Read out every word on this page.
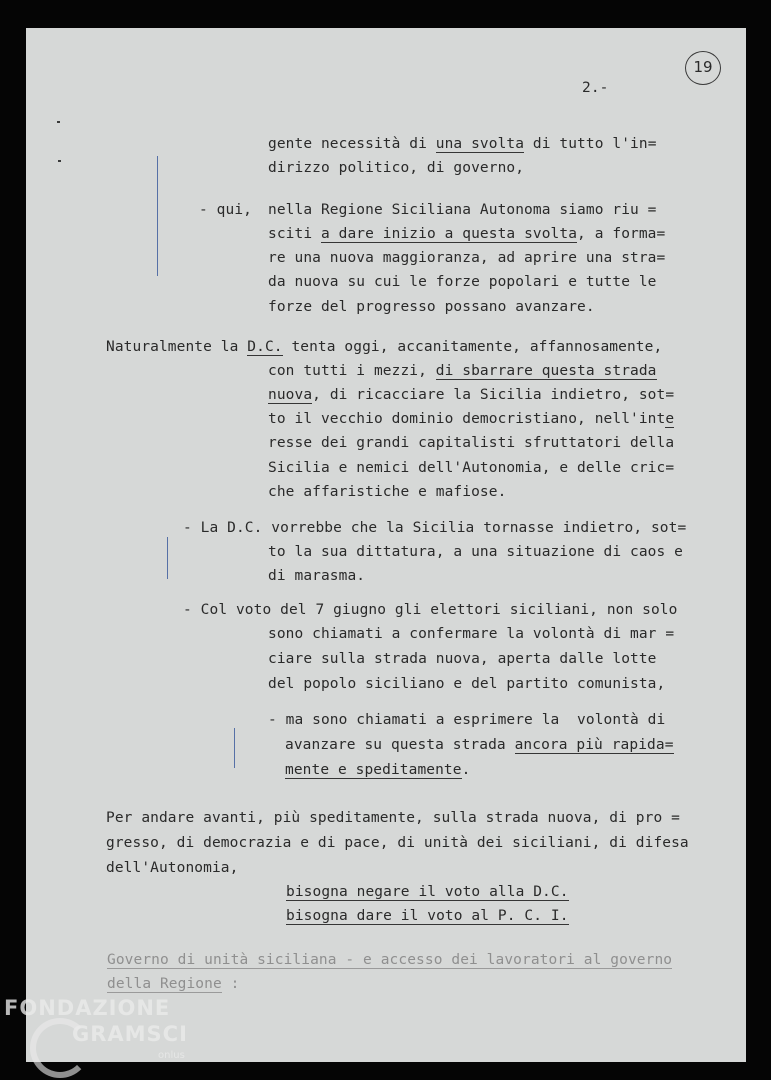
2.-
19
gente necessità di una svolta di tutto l'in=
dirizzo politico, di governo,
- qui, nella Regione Siciliana Autonoma siamo riu =
sciti a dare inizio a questa svolta, a forma=
re una nuova maggioranza, ad aprire una stra=
da nuova su cui le forze popolari e tutte le
forze del progresso possano avanzare.
Naturalmente la D.C. tenta oggi, accanitamente, affannosamente,
con tutti i mezzi, di sbarrare questa strada
nuova, di ricacciare la Sicilia indietro, sot=
to il vecchio dominio democristiano, nell'inte
resse dei grandi capitalisti sfruttatori della
Sicilia e nemici dell'Autonomia, e delle cric=
che affaristiche e mafiose.
- La D.C. vorrebbe che la Sicilia tornasse indietro, sot=
to la sua dittatura, a una situazione di caos e
di marasma.
- Col voto del 7 giugno gli elettori siciliani, non solo
sono chiamati a confermare la volontà di mar =
ciare sulla strada nuova, aperta dalle lotte
del popolo siciliano e del partito comunista,
- ma sono chiamati a esprimere la  volontà di
avanzare su questa strada ancora più rapida=
mente e speditamente.
Per andare avanti, più speditamente, sulla strada nuova, di pro =
gresso, di democrazia e di pace, di unità dei siciliani, di difesa
dell'Autonomia,
bisogna negare il voto alla D.C.
bisogna dare il voto al P. C. I.
Governo di unità siciliana - e accesso dei lavoratori al governo
della Regione :
FONDAZIONE
GRAMSCI
onlus
